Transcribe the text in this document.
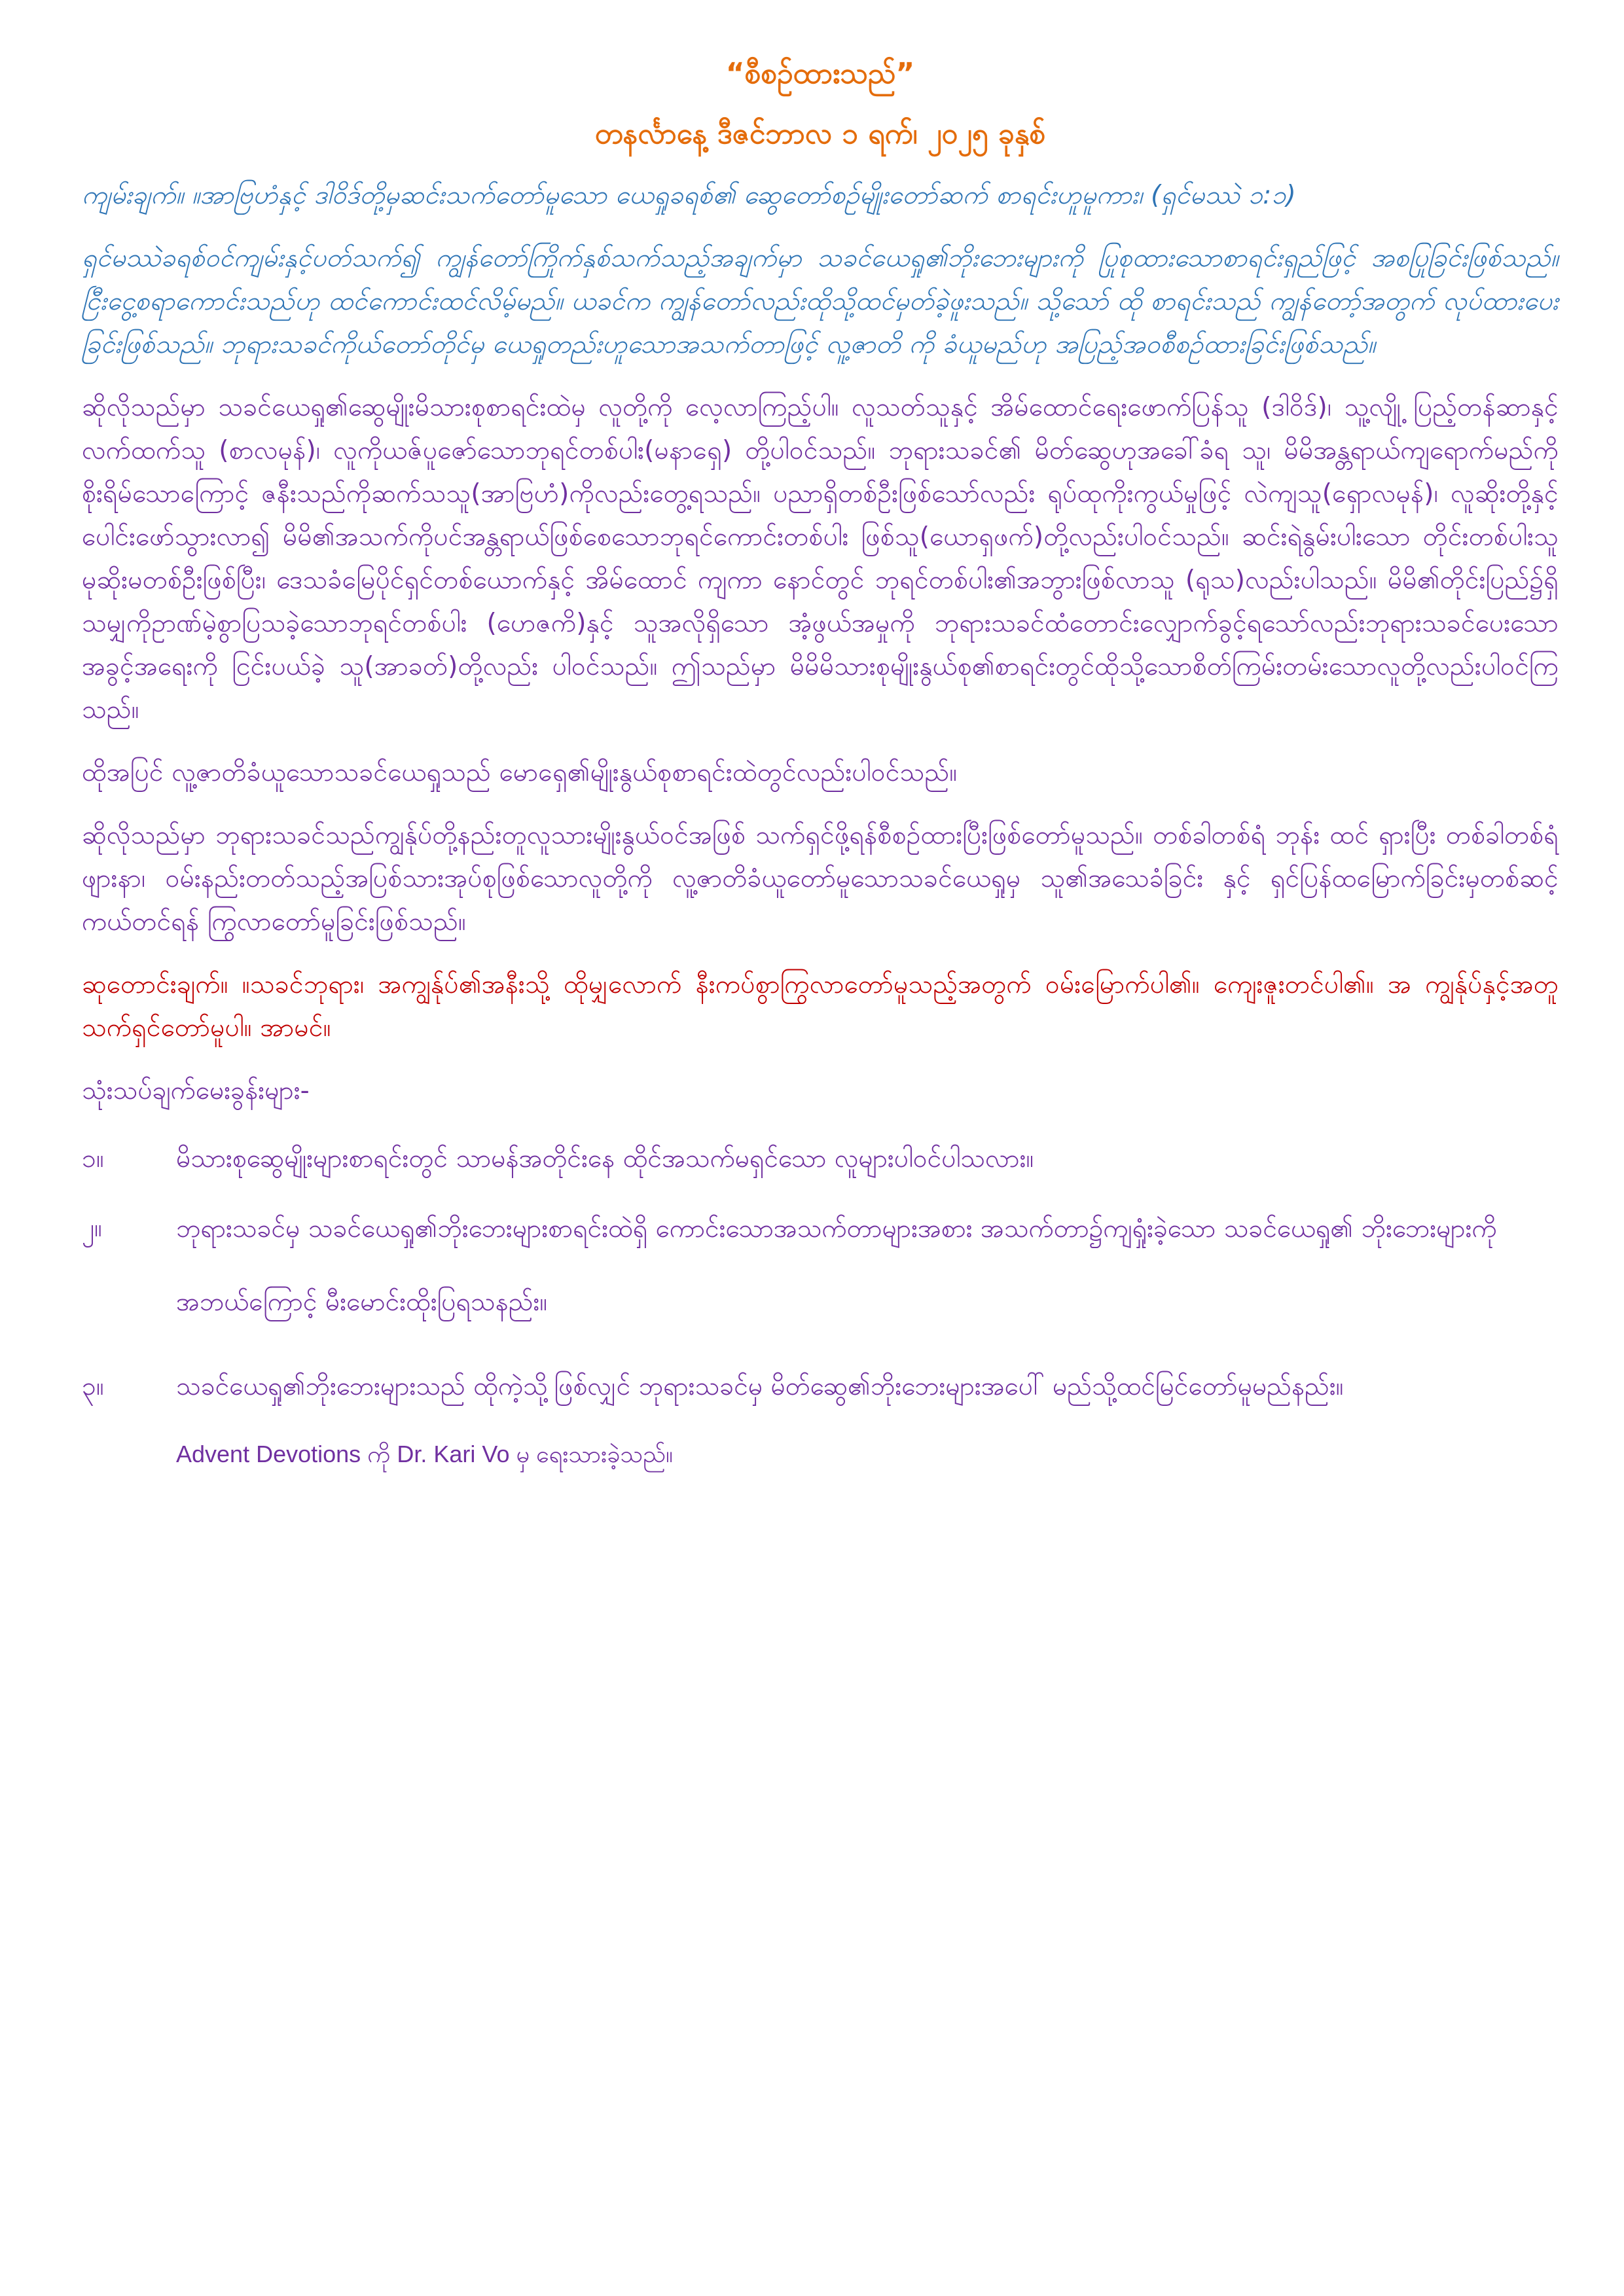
“စီစဥ်ထားသည်”

တနင်္လာနေ့ ဒီဇင်ဘာလ ၁ ရက်၊ ၂၀၂၅ ခုနှစ်

ကျမ်းချက်။ ။အာဗြဟံနှင့် ဒါဝိဒ်တို့မှဆင်းသက်တော်မူသော ယေရှုခရစ်၏ ဆွေတော်စဉ်မျိုးတော်ဆက် စာရင်းဟူမူကား၊ (ရှင်မဿဲ ၁:၁)

ရှင်မဿဲခရစ်ဝင်ကျမ်းနှင့်ပတ်သက်၍ ကျွန်တော်ကြိုက်နှစ်သက်သည့်အချက်မှာ သခင်ယေရှု၏ဘိုးဘေးများကို ပြုစုထားသောစာရင်းရှည်ဖြင့် အစပြုခြင်းဖြစ်သည်။ ငြီးငွေ့စရာကောင်းသည်ဟု ထင်ကောင်းထင်လိမ့်မည်။ ယခင်က ကျွန်တော်လည်းထိုသို့ထင်မှတ်ခဲ့ဖူးသည်။ သို့သော် ထို စာရင်းသည် ကျွန်တော့်အတွက် လုပ်ထားပေးခြင်းဖြစ်သည်။ ဘုရားသခင်ကိုယ်တော်တိုင်မှ ယေရှုတည်းဟူသောအသက်တာဖြင့် လူ့ဇာတိ ကို ခံယူမည်ဟု အပြည့်အဝစီစဥ်ထားခြင်းဖြစ်သည်။

ဆိုလိုသည်မှာ သခင်ယေရှု၏ဆွေမျိုးမိသားစုစာရင်းထဲမှ လူတို့ကို လေ့လာကြည့်ပါ။ လူသတ်သူနှင့် အိမ်ထောင်ရေးဖောက်ပြန်သူ (ဒါဝိဒ်)၊ သူ့လျို့ ပြည့်တန်ဆာနှင့်လက်ထက်သူ (စာလမုန်)၊ လူကိုယဇ်ပူဇော်သောဘုရင်တစ်ပါး(မနာရှေ) တို့ပါဝင်သည်။ ဘုရားသခင်၏ မိတ်ဆွေဟုအခေါ်ခံရ သူ၊ မိမိအန္တရာယ်ကျရောက်မည်ကိုစိုးရိမ်သောကြောင့် ဇနီးသည်ကိုဆက်သသူ(အာဗြဟံ)ကိုလည်းတွေ့ရသည်။ ပညာရှိတစ်ဦးဖြစ်သော်လည်း ရုပ်ထုကိုးကွယ်မှုဖြင့် လဲကျသူ(ရှောလမုန်)၊ လူဆိုးတို့နှင့်ပေါင်းဖော်သွားလာ၍ မိမိ၏အသက်ကိုပင်အန္တရာယ်ဖြစ်စေသောဘုရင်ကောင်းတစ်ပါး ဖြစ်သူ(ယောရှဖက်)တို့လည်းပါဝင်သည်။ ဆင်းရဲနွမ်းပါးသော တိုင်းတစ်ပါးသူမုဆိုးမတစ်ဦးဖြစ်ပြီး၊ ဒေသခံမြေပိုင်ရှင်တစ်ယောက်နှင့် အိမ်ထောင် ကျကာ နောင်တွင် ဘုရင်တစ်ပါး၏အဘွားဖြစ်လာသူ (ရုသ)လည်းပါသည်။ မိမိ၏တိုင်းပြည်၌ရှိသမျှကိုဥာဏ်မဲ့စွာပြသခဲ့သောဘုရင်တစ်ပါး (ဟေဇကိ)နှင့် သူအလိုရှိသော အံ့ဖွယ်အမှုကို ဘုရားသခင်ထံတောင်းလျှောက်ခွင့်ရသော်လည်းဘုရားသခင်ပေးသောအခွင့်အရေးကို ငြင်းပယ်ခဲ့ သူ(အာခတ်)တို့လည်း ပါဝင်သည်။ ဤသည်မှာ မိမိမိသားစုမျိုးနွယ်စု၏စာရင်းတွင်ထိုသို့သောစိတ်ကြမ်းတမ်းသောလူတို့လည်းပါဝင်ကြသည်။

ထိုအပြင် လူ့ဇာတိခံယူသောသခင်ယေရှုသည် မောရှေ၏မျိုးနွယ်စုစာရင်းထဲတွင်လည်းပါဝင်သည်။

ဆိုလိုသည်မှာ ဘုရားသခင်သည်ကျွန်ုပ်တို့နည်းတူလူသားမျိုးနွယ်ဝင်အဖြစ် သက်ရှင်ဖို့ရန်စီစဥ်ထားပြီးဖြစ်တော်မူသည်။ တစ်ခါတစ်ရံ ဘုန်း ထင် ရှားပြီး တစ်ခါတစ်ရံ ဖျားနာ၊ ဝမ်းနည်းတတ်သည့်အပြစ်သားအုပ်စုဖြစ်သောလူတို့ကို လူ့ဇာတိခံယူတော်မူသောသခင်ယေရှုမှ သူ၏အသေခံခြင်း နှင့် ရှင်ပြန်ထမြောက်ခြင်းမှတစ်ဆင့် ကယ်တင်ရန် ကြွလာတော်မူခြင်းဖြစ်သည်။

ဆုတောင်းချက်။ ။သခင်ဘုရား၊ အကျွန်ုပ်၏အနီးသို့ ထိုမျှလောက် နီးကပ်စွာကြွလာတော်မူသည့်အတွက် ဝမ်းမြောက်ပါ၏။ ကျေးဇူးတင်ပါ၏။ အ ကျွန်ုပ်နှင့်အတူသက်ရှင်တော်မူပါ။ အာမင်။

သုံးသပ်ချက်မေးခွန်းများ-

၁။	မိသားစုဆွေမျိုးများစာရင်းတွင် သာမန်အတိုင်းနေ ထိုင်အသက်မရှင်သော လူများပါဝင်ပါသလား။
၂။	ဘုရားသခင်မှ သခင်ယေရှု၏ဘိုးဘေးများစာရင်းထဲရှိ ကောင်းသောအသက်တာများအစား အသက်တာ၌ကျရှုံးခဲ့သော သခင်ယေရှု၏ ဘိုးဘေးများကို အဘယ်ကြောင့် မီးမောင်းထိုးပြရသနည်း။
၃။	သခင်ယေရှု၏ဘိုးဘေးများသည် ထိုကဲ့သို့ဖြစ်လျှင် ဘုရားသခင်မှ မိတ်ဆွေ၏ဘိုးဘေးများအပေါ် မည်သို့ထင်မြင်တော်မူမည်နည်း။

Advent Devotions ကို Dr. Kari Vo မှ ရေးသားခဲ့သည်။
